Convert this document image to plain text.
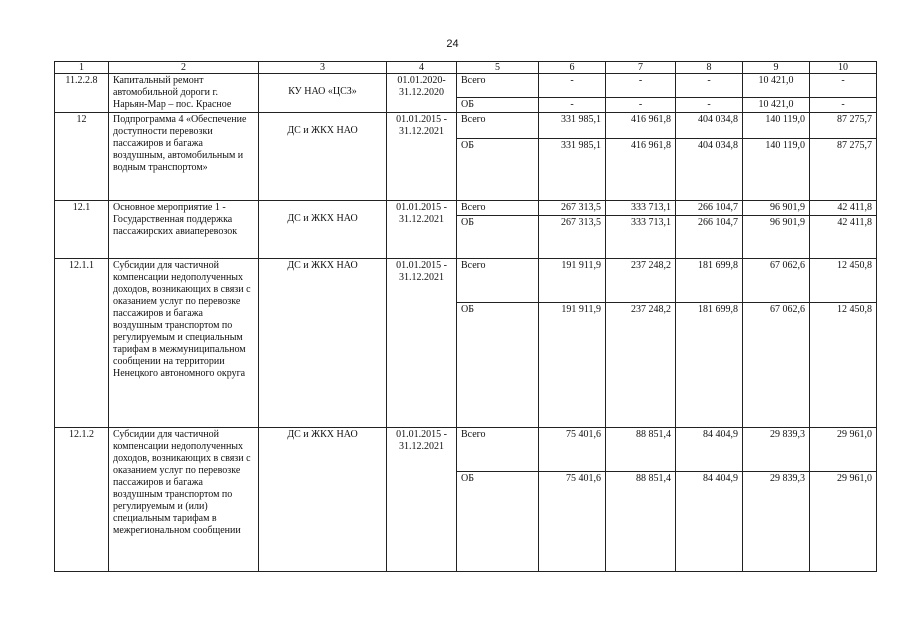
24
1	2	3	4	5	6	7	8	9	10
11.2.2.8	Капитальный ремонт автомобильной дороги г. Нарьян-Мар – пос. Красное	КУ НАО «ЦСЗ»	01.01.2020-31.12.2020	Всего	-	-	-	10 421,0	-
				ОБ	-	-	-	10 421,0	-
12	Подпрограмма 4 «Обеспечение доступности перевозки пассажиров и багажа воздушным, автомобильным и водным транспортом»	ДС и ЖКХ НАО	01.01.2015 - 31.12.2021	Всего	331 985,1	416 961,8	404 034,8	140 119,0	87 275,7
				ОБ	331 985,1	416 961,8	404 034,8	140 119,0	87 275,7
12.1	Основное мероприятие 1 - Государственная поддержка пассажирских авиаперевозок	ДС и ЖКХ НАО	01.01.2015 - 31.12.2021	Всего	267 313,5	333 713,1	266 104,7	96 901,9	42 411,8
				ОБ	267 313,5	333 713,1	266 104,7	96 901,9	42 411,8
12.1.1	Субсидии для частичной компенсации недополученных доходов, возникающих в связи с оказанием услуг по перевозке пассажиров и багажа воздушным транспортом по регулируемым и специальным тарифам в межмуниципальном сообщении на территории Ненецкого автономного округа	ДС и ЖКХ НАО	01.01.2015 - 31.12.2021	Всего	191 911,9	237 248,2	181 699,8	67 062,6	12 450,8
				ОБ	191 911,9	237 248,2	181 699,8	67 062,6	12 450,8
12.1.2	Субсидии для частичной компенсации недополученных доходов, возникающих в связи с оказанием услуг по перевозке пассажиров и багажа воздушным транспортом по регулируемым и (или) специальным тарифам в межрегиональном сообщении	ДС и ЖКХ НАО	01.01.2015 - 31.12.2021	Всего	75 401,6	88 851,4	84 404,9	29 839,3	29 961,0
				ОБ	75 401,6	88 851,4	84 404,9	29 839,3	29 961,0
